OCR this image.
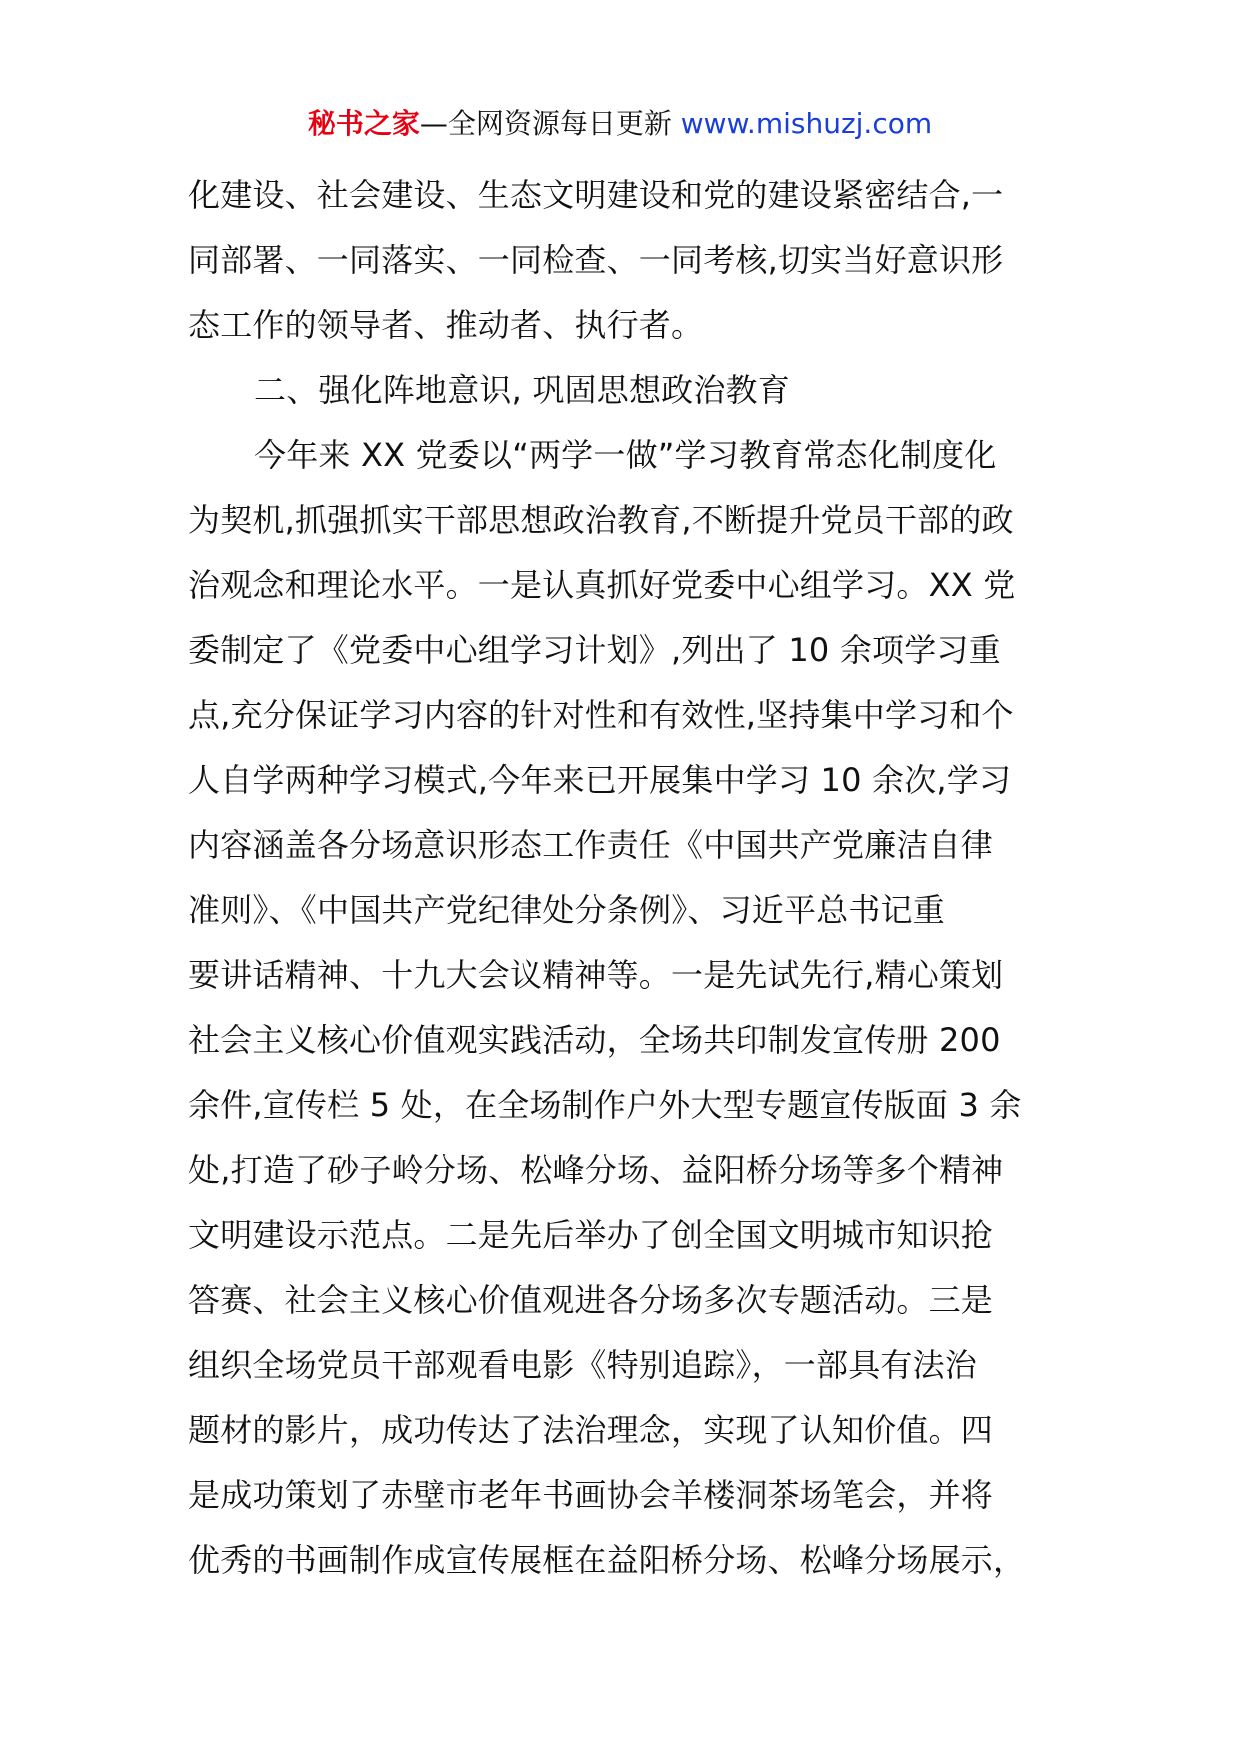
秘书之家—全网资源每日更新 www.mishuzj.com
化建设、社会建设、生态文明建设和党的建设紧密结合,一
同部署、一同落实、一同检查、一同考核,切实当好意识形
态工作的领导者、推动者、执行者。
二、强化阵地意识, 巩固思想政治教育
今年来 XX 党委以“两学一做”学习教育常态化制度化
为契机,抓强抓实干部思想政治教育,不断提升党员干部的政
治观念和理论水平。一是认真抓好党委中心组学习。XX 党
委制定了《党委中心组学习计划》,列出了 10 余项学习重
点,充分保证学习内容的针对性和有效性,坚持集中学习和个
人自学两种学习模式,今年来已开展集中学习 10 余次,学习
内容涵盖各分场意识形态工作责任《中国共产党廉洁自律
准则》、《中国共产党纪律处分条例》、习近平总书记重
要讲话精神、十九大会议精神等。一是先试先行,精心策划
社会主义核心价值观实践活动，全场共印制发宣传册 200
余件,宣传栏 5 处，在全场制作户外大型专题宣传版面 3 余
处,打造了砂子岭分场、松峰分场、益阳桥分场等多个精神
文明建设示范点。二是先后举办了创全国文明城市知识抢
答赛、社会主义核心价值观进各分场多次专题活动。三是
组织全场党员干部观看电影《特别追踪》，一部具有法治
题材的影片，成功传达了法治理念，实现了认知价值。四
是成功策划了赤壁市老年书画协会羊楼洞茶场笔会，并将
优秀的书画制作成宣传展框在益阳桥分场、松峰分场展示，
